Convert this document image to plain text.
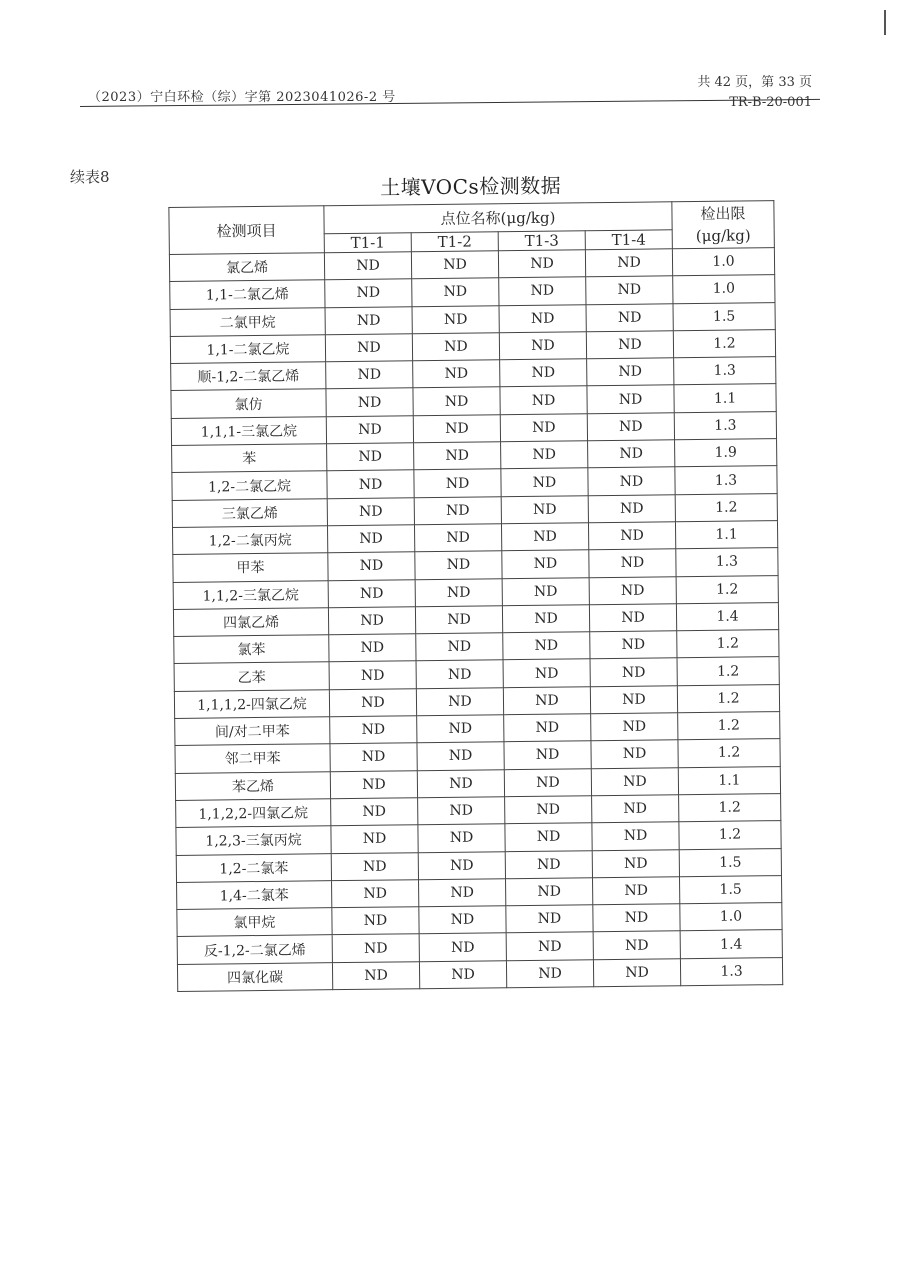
（2023）宁白环检（综）字第 2023041026-2 号
共 42 页，第 33 页
TR-B-20-001
续表8	土壤VOCs检测数据
检测项目	点位名称(μg/kg)				检出限
(μg/kg)

	T1-1	T1-2	T1-3	T1-4	
氯乙烯	ND	ND	ND	ND	1.0
1,1-二氯乙烯	ND	ND	ND	ND	1.0
二氯甲烷	ND	ND	ND	ND	1.5
1,1-二氯乙烷	ND	ND	ND	ND	1.2
顺-1,2-二氯乙烯	ND	ND	ND	ND	1.3
氯仿	ND	ND	ND	ND	1.1
1,1,1-三氯乙烷	ND	ND	ND	ND	1.3
苯	ND	ND	ND	ND	1.9
1,2-二氯乙烷	ND	ND	ND	ND	1.3
三氯乙烯	ND	ND	ND	ND	1.2
1,2-二氯丙烷	ND	ND	ND	ND	1.1
甲苯	ND	ND	ND	ND	1.3
1,1,2-三氯乙烷	ND	ND	ND	ND	1.2
四氯乙烯	ND	ND	ND	ND	1.4
氯苯	ND	ND	ND	ND	1.2
乙苯	ND	ND	ND	ND	1.2
1,1,1,2-四氯乙烷	ND	ND	ND	ND	1.2
间/对二甲苯	ND	ND	ND	ND	1.2
邻二甲苯	ND	ND	ND	ND	1.2
苯乙烯	ND	ND	ND	ND	1.1
1,1,2,2-四氯乙烷	ND	ND	ND	ND	1.2
1,2,3-三氯丙烷	ND	ND	ND	ND	1.2
1,2-二氯苯	ND	ND	ND	ND	1.5
1,4-二氯苯	ND	ND	ND	ND	1.5
氯甲烷	ND	ND	ND	ND	1.0
反-1,2-二氯乙烯	ND	ND	ND	ND	1.4
四氯化碳	ND	ND	ND	ND	1.3
